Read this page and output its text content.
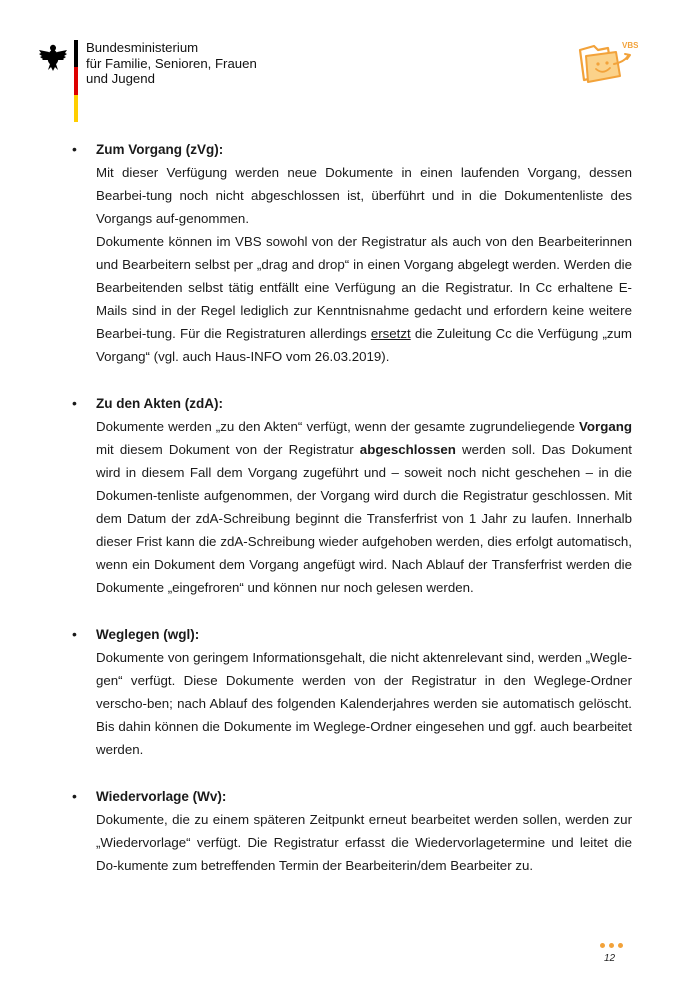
Bundesministerium
für Familie, Senioren, Frauen
und Jugend
VBS
• Zum Vorgang (zVg):
Mit dieser Verfügung werden neue Dokumente in einen laufenden Vorgang, dessen Bearbei-tung noch nicht abgeschlossen ist, überführt und in die Dokumentenliste des Vorgangs auf-genommen.
Dokumente können im VBS sowohl von der Registratur als auch von den Bearbeiterinnen und Bearbeitern selbst per „drag and drop“ in einen Vorgang abgelegt werden. Werden die Bearbeitenden selbst tätig entfällt eine Verfügung an die Registratur. In Cc erhaltene E-Mails sind in der Regel lediglich zur Kenntnisnahme gedacht und erfordern keine weitere Bearbei-tung. Für die Registraturen allerdings ersetzt die Zuleitung Cc die Verfügung „zum Vorgang“ (vgl. auch Haus-INFO vom 26.03.2019).
• Zu den Akten (zdA):
Dokumente werden „zu den Akten“ verfügt, wenn der gesamte zugrundeliegende Vorgang mit diesem Dokument von der Registratur abgeschlossen werden soll. Das Dokument wird in diesem Fall dem Vorgang zugeführt und – soweit noch nicht geschehen – in die Dokumen-tenliste aufgenommen, der Vorgang wird durch die Registratur geschlossen. Mit dem Datum der zdA-Schreibung beginnt die Transferfrist von 1 Jahr zu laufen. Innerhalb dieser Frist kann die zdA-Schreibung wieder aufgehoben werden, dies erfolgt automatisch, wenn ein Dokument dem Vorgang angefügt wird. Nach Ablauf der Transferfrist werden die Dokumente „eingefroren“ und können nur noch gelesen werden.
• Weglegen (wgl):
Dokumente von geringem Informationsgehalt, die nicht aktenrelevant sind, werden „Wegle-gen“ verfügt. Diese Dokumente werden von der Registratur in den Weglege-Ordner verscho-ben; nach Ablauf des folgenden Kalenderjahres werden sie automatisch gelöscht. Bis dahin können die Dokumente im Weglege-Ordner eingesehen und ggf. auch bearbeitet werden.
• Wiedervorlage (Wv):
Dokumente, die zu einem späteren Zeitpunkt erneut bearbeitet werden sollen, werden zur „Wiedervorlage“ verfügt. Die Registratur erfasst die Wiedervorlagetermine und leitet die Do-kumente zum betreffenden Termin der Bearbeiterin/dem Bearbeiter zu.
12
